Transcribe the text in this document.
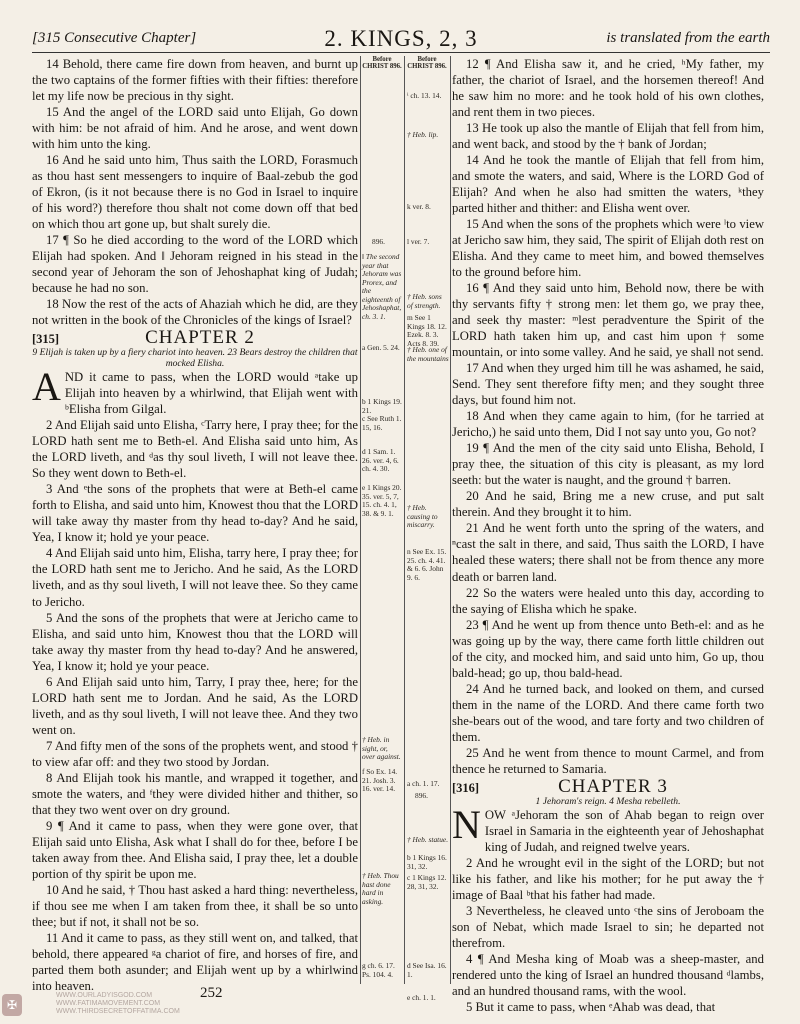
[315 Consecutive Chapter]	2. KINGS, 2, 3	is translated from the earth

14 Behold, there came fire down from heaven, and burnt up the two captains of the former fifties with their fifties: therefore let my life now be precious in thy sight.

15 And the angel of the LORD said unto Elijah, Go down with him: be not afraid of him. And he arose, and went down with him unto the king.

16 And he said unto him, Thus saith the LORD, Forasmuch as thou hast sent messengers to inquire of Baal-zebub the god of Ekron, (is it not because there is no God in Israel to inquire of his word?) therefore thou shalt not come down off that bed on which thou art gone up, but shalt surely die.

17 ¶ So he died according to the word of the LORD which Elijah had spoken. And ‖ Jehoram reigned in his stead in the second year of Jehoram the son of Jehoshaphat king of Judah; because he had no son.

18 Now the rest of the acts of Ahaziah which he did, are they not written in the book of the Chronicles of the kings of Israel?

[315]	CHAPTER 2

9 Elijah is taken up by a fiery chariot into heaven. 23 Bears destroy the children that mocked Elisha.

AND it came to pass, when the LORD would ᵃtake up Elijah into heaven by a whirlwind, that Elijah went with ᵇElisha from Gilgal.

2 And Elijah said unto Elisha, ᶜTarry here, I pray thee; for the LORD hath sent me to Beth-el. And Elisha said unto him, As the LORD liveth, and ᵈas thy soul liveth, I will not leave thee. So they went down to Beth-el.

3 And ᵉthe sons of the prophets that were at Beth-el came forth to Elisha, and said unto him, Knowest thou that the LORD will take away thy master from thy head to-day? And he said, Yea, I know it; hold ye your peace.

4 And Elijah said unto him, Elisha, tarry here, I pray thee; for the LORD hath sent me to Jericho. And he said, As the LORD liveth, and as thy soul liveth, I will not leave thee. So they came to Jericho.

5 And the sons of the prophets that were at Jericho came to Elisha, and said unto him, Knowest thou that the LORD will take away thy master from thy head to-day? And he answered, Yea, I know it; hold ye your peace.

6 And Elijah said unto him, Tarry, I pray thee, here; for the LORD hath sent me to Jordan. And he said, As the LORD liveth, and as thy soul liveth, I will not leave thee. And they two went on.

7 And fifty men of the sons of the prophets went, and stood † to view afar off: and they two stood by Jordan.

8 And Elijah took his mantle, and wrapped it together, and smote the waters, and ᶠthey were divided hither and thither, so that they two went over on dry ground.

9 ¶ And it came to pass, when they were gone over, that Elijah said unto Elisha, Ask what I shall do for thee, before I be taken away from thee. And Elisha said, I pray thee, let a double portion of thy spirit be upon me.

10 And he said, † Thou hast asked a hard thing: nevertheless, if thou see me when I am taken from thee, it shall be so unto thee; but if not, it shall not be so.

11 And it came to pass, as they still went on, and talked, that behold, there appeared ᵍa chariot of fire, and horses of fire, and parted them both asunder; and Elijah went up by a whirlwind into heaven.

Before CHRIST 896.
Before CHRIST 896.
ⁱ ch. 13. 14.
† Heb. lip.
k ver. 8.
896.	l ver. 7.
‖ The second year that Jehoram was Prorex, and the eighteenth of Jehoshaphat, ch. 3. 1.
† Heb. sons of strength.
m See 1 Kings 18. 12. Ezek. 8. 3. Acts 8. 39.
† Heb. one of the mountains
a Gen. 5. 24.
b 1 Kings 19. 21.
c See Ruth 1. 15, 16.
d 1 Sam. 1. 26. ver. 4, 6. ch. 4. 30.
e 1 Kings 20. 35. ver. 5, 7, 15. ch. 4. 1, 38. & 9. 1.
† Heb. causing to miscarry.
n See Ex. 15. 25. ch. 4. 41. & 6. 6. John 9. 6.
† Heb. in sight, or, over against.
f So Ex. 14. 21. Josh. 3. 16. ver. 14.
a ch. 1. 17.
896.
† Heb. statue.
b 1 Kings 16. 31, 32.
c 1 Kings 12. 28, 31, 32.
† Heb. Thou hast done hard in asking.
g ch. 6. 17. Ps. 104. 4.
d See Isa. 16. 1.
e ch. 1. 1.

12 ¶ And Elisha saw it, and he cried, ʰMy father, my father, the chariot of Israel, and the horsemen thereof! And he saw him no more: and he took hold of his own clothes, and rent them in two pieces.

13 He took up also the mantle of Elijah that fell from him, and went back, and stood by the † bank of Jordan;

14 And he took the mantle of Elijah that fell from him, and smote the waters, and said, Where is the LORD God of Elijah? And when he also had smitten the waters, ᵏthey parted hither and thither: and Elisha went over.

15 And when the sons of the prophets which were ˡto view at Jericho saw him, they said, The spirit of Elijah doth rest on Elisha. And they came to meet him, and bowed themselves to the ground before him.

16 ¶ And they said unto him, Behold now, there be with thy servants fifty † strong men: let them go, we pray thee, and seek thy master: ᵐlest peradventure the Spirit of the LORD hath taken him up, and cast him upon † some mountain, or into some valley. And he said, ye shall not send.

17 And when they urged him till he was ashamed, he said, Send. They sent therefore fifty men; and they sought three days, but found him not.

18 And when they came again to him, (for he tarried at Jericho,) he said unto them, Did I not say unto you, Go not?

19 ¶ And the men of the city said unto Elisha, Behold, I pray thee, the situation of this city is pleasant, as my lord seeth: but the water is naught, and the ground † barren.

20 And he said, Bring me a new cruse, and put salt therein. And they brought it to him.

21 And he went forth unto the spring of the waters, and ⁿcast the salt in there, and said, Thus saith the LORD, I have healed these waters; there shall not be from thence any more death or barren land.

22 So the waters were healed unto this day, according to the saying of Elisha which he spake.

23 ¶ And he went up from thence unto Beth-el: and as he was going up by the way, there came forth little children out of the city, and mocked him, and said unto him, Go up, thou bald-head; go up, thou bald-head.

24 And he turned back, and looked on them, and cursed them in the name of the LORD. And there came forth two she-bears out of the wood, and tare forty and two children of them.

25 And he went from thence to mount Carmel, and from thence he returned to Samaria.

[316]	CHAPTER 3

1 Jehoram's reign. 4 Mesha rebelleth.

NOW ᵃJehoram the son of Ahab began to reign over Israel in Samaria in the eighteenth year of Jehoshaphat king of Judah, and reigned twelve years.

2 And he wrought evil in the sight of the LORD; but not like his father, and like his mother; for he put away the † image of Baal ᵇthat his father had made.

3 Nevertheless, he cleaved unto ᶜthe sins of Jeroboam the son of Nebat, which made Israel to sin; he departed not therefrom.

4 ¶ And Mesha king of Moab was a sheep-master, and rendered unto the king of Israel an hundred thousand ᵈlambs, and an hundred thousand rams, with the wool.

5 But it came to pass, when ᵉAhab was dead, that

✠
WWW.OURLADYISGOD.COM
WWW.FATIMAMOVEMENT.COM
WWW.THIRDSECRETOFFATIMA.COM
252
